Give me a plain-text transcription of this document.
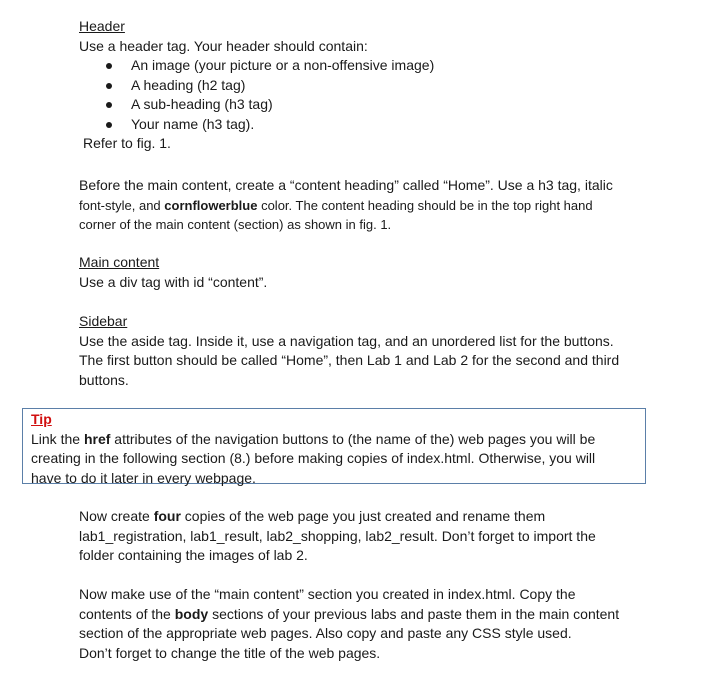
Header
Use a header tag. Your header should contain:
An image (your picture or a non-offensive image)
A heading (h2 tag)
A sub-heading (h3 tag)
Your name (h3 tag).
Refer to fig. 1.
Before the main content, create a “content heading” called “Home”. Use a h3 tag, italic
font-style, and cornflowerblue color. The content heading should be in the top right hand
corner of the main content (section) as shown in fig. 1.
Main content
Use a div tag with id “content”.
Sidebar
Use the aside tag. Inside it, use a navigation tag, and an unordered list for the buttons.
The first button should be called “Home”, then Lab 1 and Lab 2 for the second and third
buttons.
Tip
Link the href attributes of the navigation buttons to (the name of the) web pages you will be
creating in the following section (8.) before making copies of index.html. Otherwise, you will
have to do it later in every webpage.
Now create four copies of the web page you just created and rename them
lab1_registration, lab1_result, lab2_shopping, lab2_result. Don’t forget to import the
folder containing the images of lab 2.
Now make use of the “main content” section you created in index.html. Copy the
contents of the body sections of your previous labs and paste them in the main content
section of the appropriate web pages. Also copy and paste any CSS style used.
Don’t forget to change the title of the web pages.
